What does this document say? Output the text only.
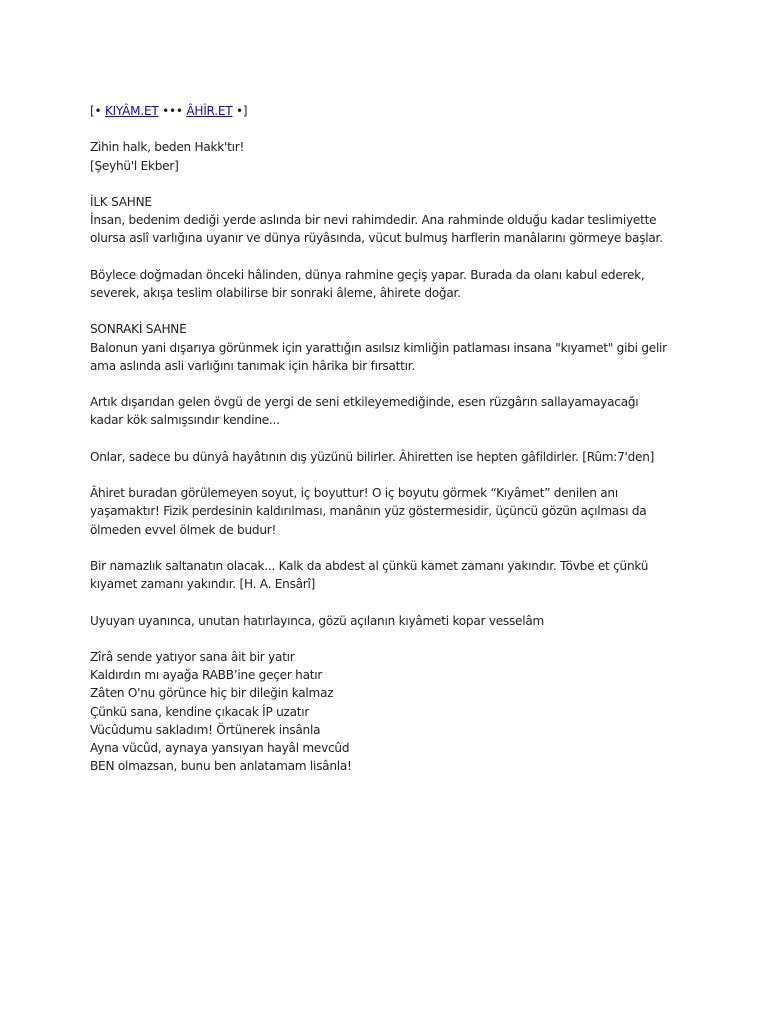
[• KIYÂM.ET ••• ÂHİR.ET •]
Zihin halk, beden Hakk'tır!
[Şeyhü'l Ekber]
İLK SAHNE
İnsan, bedenim dediği yerde aslında bir nevi rahimdedir. Ana rahminde olduğu kadar teslimiyette
olursa aslî varlığına uyanır ve dünya rüyâsında, vücut bulmuş harflerin manâlarını görmeye başlar.
Böylece doğmadan önceki hâlinden, dünya rahmine geçiş yapar. Burada da olanı kabul ederek,
severek, akışa teslim olabilirse bir sonraki âleme, âhirete doğar.
SONRAKİ SAHNE
Balonun yani dışarıya görünmek için yarattığın asılsız kimliğin patlaması insana "kıyamet" gibi gelir
ama aslında asli varlığını tanımak için hârika bir fırsattır.
Artık dışarıdan gelen övgü de yergi de seni etkileyemediğinde, esen rüzgârın sallayamayacağı
kadar kök salmışsındır kendine...
Onlar, sadece bu dünyâ hayâtının dış yüzünü bilirler. Âhiretten ise hepten gâfildirler. [Rûm:7'den]
Âhiret buradan görülemeyen soyut, iç boyuttur! O iç boyutu görmek “Kıyâmet” denilen anı
yaşamaktır! Fizik perdesinin kaldırılması, manânın yüz göstermesidir, üçüncü gözün açılması da
ölmeden evvel ölmek de budur!
Bir namazlık saltanatın olacak... Kalk da abdest al çünkü kamet zamanı yakındır. Tövbe et çünkü
kıyamet zamanı yakındır. [H. A. Ensârî]
Uyuyan uyanınca, unutan hatırlayınca, gözü açılanın kıyâmeti kopar vesselâm
Zîrâ sende yatıyor sana âit bir yatır
Kaldırdın mı ayağa RABB’ine geçer hatır
Zâten O'nu görünce hiç bir dileğin kalmaz
Çünkü sana, kendine çıkacak İP uzatır
Vücûdumu sakladım! Örtünerek insânla
Ayna vücûd, aynaya yansıyan hayâl mevcûd
BEN olmazsan, bunu ben anlatamam lisânla!
